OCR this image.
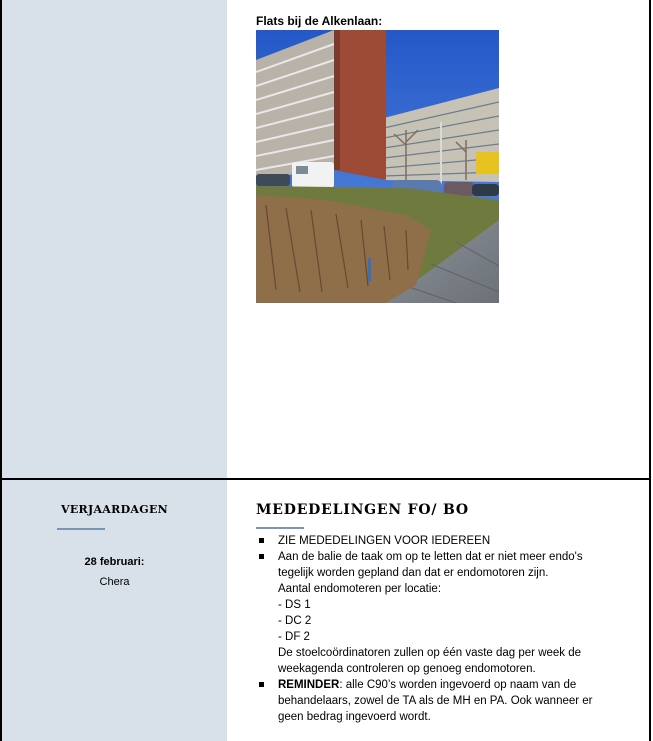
Flats bij de Alkenlaan:
VERJAARDAGEN
28 februari:
Chera
MEDEDELINGEN FO/ BO
ZIE MEDEDELINGEN VOOR IEDEREEN
Aan de balie de taak om op te letten dat er niet meer endo's
tegelijk worden gepland dan dat er endomotoren zijn.
Aantal endomoteren per locatie:
- DS 1
- DC 2
- DF 2
De stoelcoördinatoren zullen op één vaste dag per week de
weekagenda controleren op genoeg endomotoren.
REMINDER: alle C90’s worden ingevoerd op naam van de
behandelaars, zowel de TA als de MH en PA. Ook wanneer er
geen bedrag ingevoerd wordt.
